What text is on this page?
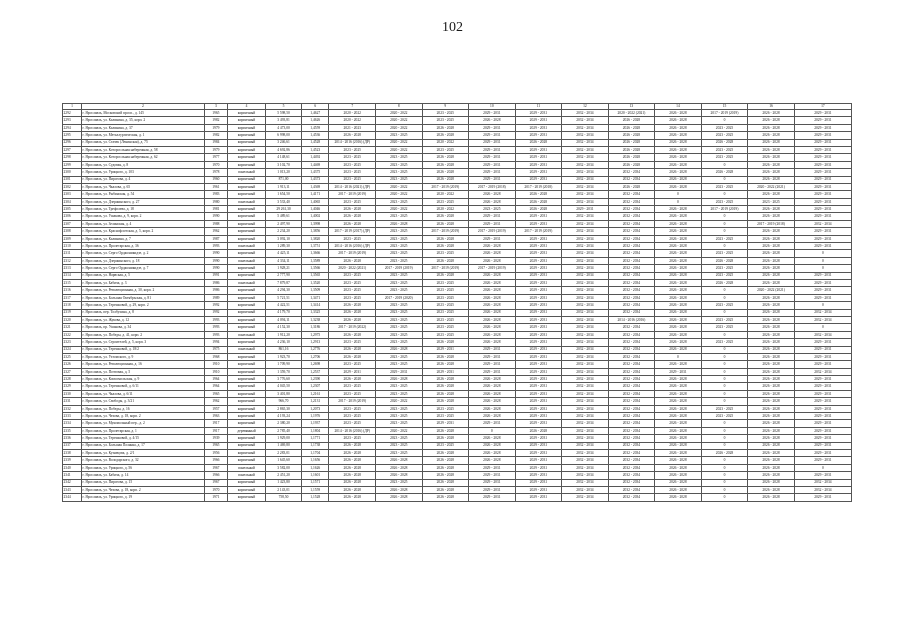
102
1	2	3	4	5	6	7	8	9	10	11	12	13	14	15	16	17
2292	г. Ярославль, Московский просп., д. 145	1965	кирпичный	5 598,50	1,4627	2020 - 2022	2020 - 2022	2023 - 2025	2029 - 2031	2029 - 2031	2032 - 2034	2020 - 2022 (2021)	2026 - 2028	2017 - 2019 (2019)	2026 - 2028	2029 - 2031
2293	г. Ярославль, ул. Калинина, д. 35, корп. 2	1982	кирпичный	3 493,81	1,4626	2020 - 2022	2020 - 2022	2023 - 2025	2026 - 2028	2029 - 2031	2032 - 2034	2026 - 2028	2026 - 2028	0	2026 - 2028	2029 - 2031
2294	г. Ярославль, ул. Калинина, д. 37	1979	кирпичный	4 473,00	1,4559	2021 - 2023	2020 - 2022	2026 - 2028	2029 - 2031	2029 - 2031	2032 - 2034	2026 - 2028	2026 - 2028	2023 - 2025	2026 - 2028	2029 - 2031
2295	г. Ярославль, ул. Металлургическая, д. 1	1982	кирпичный	6 998,00	1,4536	2026 - 2028	2023 - 2025	2026 - 2028	2029 - 2031	2029 - 2031	2032 - 2034	2026 - 2028	2026 - 2028	2023 - 2025	2026 - 2028	2029 - 2031
2296	г. Ярославль, ул. Стачек (Ленинская), д. 75	1984	кирпичный	3 246,61	1,4528	2014 - 2016 (2016) (ДР)	2020 - 2022	2020 - 2022	2029 - 2031	2026 - 2028	2032 - 2034	2026 - 2028	2026 - 2028	2026 - 2028	2026 - 2028	2029 - 2031
2297	г. Ярославль, ул. Которосльная набережная, д. 58	1979	кирпичный	4 692,86	1,4523	2023 - 2025	2020 - 2022	2023 - 2025	2029 - 2031	2029 - 2031	2032 - 2034	2026 - 2028	2026 - 2028	2023 - 2025	2026 - 2028	2029 - 2031
2298	г. Ярославль, ул. Которосльная набережная, д. 62	1977	кирпичный	4 148,61	1,4492	2023 - 2025	2023 - 2025	2026 - 2028	2029 - 2031	2029 - 2031	2032 - 2034	2026 - 2028	2026 - 2028	2023 - 2025	2026 - 2028	2029 - 2031
2299	г. Ярославль, ул. Судовая, д. 8	1970	кирпичный	3 102,70	1,4469	2023 - 2025	2023 - 2025	2026 - 2028	2029 - 2031	2029 - 2031	2032 - 2034	2026 - 2028	2026 - 2028	0	2026 - 2028	2029 - 2031
2300	г. Ярославль, ул. Урицкого, д. 103	1978	панельный	1 013,20	1,4375	2023 - 2025	2023 - 2025	2026 - 2028	2029 - 2031	2029 - 2031	2032 - 2034	2032 - 2034	2026 - 2028	2026 - 2028	2026 - 2028	2029 - 2031
2301	г. Ярославль, ул. Пирогова, д. 4	1960	кирпичный	871,00	1,4373	2023 - 2025	2023 - 2025	2026 - 2028	2029 - 2031	2029 - 2031	2032 - 2034	2032 - 2034	2026 - 2028	0	2026 - 2028	2029 - 2031
2302	г. Ярославль, ул. Чкалова, д. 65	1961	кирпичный	1 913,11	1,4369	2014 - 2016 (2021) (ДР)	2020 - 2022	2017 - 2019 (2019)	2017 - 2019 (2018)	2017 - 2019 (2018)	2032 - 2034	2026 - 2028	2026 - 2028	2023 - 2025	2020 - 2022 (2021)	2029 - 2031
2303	г. Ярославль, ул. Рыбинская, д. 54	1983	кирпичный	1 654,50	1,4171	2017 - 2019 (2019)	2020 - 2022	2020 - 2022	2026 - 2028	2026 - 2028	2032 - 2034	2032 - 2034	0	0	2026 - 2028	2029 - 2031
2304	г. Ярославль, ул. Дзержинского, д. 27	1980	панельный	3 533,40	1,4065	2023 - 2025	2023 - 2025	2023 - 2025	2026 - 2028	2026 - 2028	2032 - 2034	2032 - 2034	0	2023 - 2025	2023 - 2025	2029 - 2031
2305	г. Ярославль, ул. Трефолева, д. 18	1981	кирпичный	29 261,30	1,4046	2026 - 2028	2020 - 2022	2020 - 2022	2023 - 2025	2026 - 2028	2029 - 2031	2032 - 2034	2026 - 2028	2017 - 2019 (2019)	2026 - 2028	2029 - 2031
2306	г. Ярославль, ул. Ушакова, д. 9, корп. 2	1990	кирпичный	5 489,61	1,4002	2026 - 2028	2023 - 2025	2026 - 2028	2029 - 2031	2029 - 2031	2032 - 2034	2032 - 2034	2026 - 2028	0	2026 - 2028	2029 - 2031
2307	г. Ярославль, ул. Зелинская, д. 4	1988	кирпичный	2 497,90	1,3998	2026 - 2028	2026 - 2028	2026 - 2028	2029 - 2031	2029 - 2031	2032 - 2034	2032 - 2034	2026 - 2028	0	2017 - 2019 (2018)	2032 - 2034
2308	г. Ярославль, ул. Краснофлотская, д. 5, корп. 2	1962	кирпичный	2 234,20	1,3856	2017 - 2019 (2017) (ДР)	2023 - 2025	2017 - 2019 (2019)	2017 - 2019 (2019)	2017 - 2019 (2019)	2032 - 2034	2032 - 2034	2026 - 2028	0	2026 - 2028	2029 - 2031
2309	г. Ярославль, ул. Калинина, д. 7	1987	кирпичный	3 092,10	1,3820	2023 - 2025	2023 - 2025	2026 - 2028	2029 - 2031	2029 - 2031	2032 - 2034	2032 - 2034	2026 - 2028	2023 - 2025	2026 - 2028	2029 - 2031
2310	г. Ярославль, ул. Пролетарская, д. 36	1993	панельный	1 289,30	1,3751	2014 - 2016 (2016) (ДР)	2023 - 2025	2026 - 2028	2026 - 2028	2029 - 2031	2032 - 2034	2032 - 2034	2026 - 2028	0	2026 - 2028	2029 - 2031
2311	г. Ярославль, ул. Серго Орджоникидзе, д. 2	1990	кирпичный	4 425,11	1,3666	2017 - 2019 (2019)	2023 - 2025	2023 - 2025	2026 - 2028	2029 - 2031	2032 - 2034	2032 - 2034	2026 - 2028	2023 - 2025	2026 - 2028	0
2312	г. Ярославль, ул. Дзержинского, д. 18	1990	панельный	4 334,11	1,3589	2026 - 2028	2023 - 2025	2026 - 2028	2026 - 2028	2029 - 2031	2032 - 2034	2032 - 2034	2026 - 2028	2026 - 2028	2026 - 2028	0
2313	г. Ярославль, ул. Серго Орджоникидзе, д. 7	1990	кирпичный	1 928,21	1,3566	2020 - 2022 (2021)	2017 - 2019 (2019)	2017 - 2019 (2019)	2017 - 2019 (2019)	2029 - 2031	2032 - 2034	2032 - 2034	2026 - 2028	2023 - 2025	2026 - 2028	0
2314	г. Ярославль, ул. Нарвская, д. 5	1991	кирпичный	2 777,90	1,3565	2023 - 2025	2023 - 2025	2026 - 2028	2026 - 2028	2029 - 2031	2032 - 2034	2032 - 2034	2026 - 2028	2023 - 2025	2026 - 2028	2029 - 2031
2315	г. Ярославль, ул. Бабича, д. 3	1986	панельный	7 879,87	1,3520	2023 - 2025	2023 - 2025	2023 - 2025	2026 - 2028	2029 - 2031	2032 - 2034	2032 - 2034	2026 - 2028	2026 - 2028	2026 - 2028	2029 - 2031
2316	г. Ярославль, ул. Революционная, д. 30, корп. 2	1986	кирпичный	4 294,30	1,3509	2023 - 2025	2023 - 2025	2023 - 2025	2026 - 2028	2029 - 2031	2032 - 2034	2032 - 2034	2026 - 2028	0	2020 - 2022 (2021)	2029 - 2031
2317	г. Ярославль, ул. Большая Октябрьская, д. 81	1989	кирпичный	5 721,51	1,3471	2023 - 2025	2017 - 2019 (2020)	2023 - 2025	2026 - 2028	2029 - 2031	2032 - 2034	2032 - 2034	2026 - 2028	0	2026 - 2028	2029 - 2031
2318	г. Ярославль, ул. Терешковой, д. 29, корп. 2	1992	кирпичный	4 422,51	1,3414	2026 - 2028	2023 - 2025	2023 - 2025	2026 - 2028	2029 - 2031	2032 - 2034	2032 - 2034	2026 - 2028	2023 - 2025	2026 - 2028	0
2319	г. Ярославль, пер. Толбухина, д. 8	1992	кирпичный	4 179,70	1,3325	2026 - 2028	2023 - 2025	2023 - 2025	2026 - 2028	2029 - 2031	2032 - 2034	2032 - 2034	2026 - 2028	0	2026 - 2028	2032 - 2034
2320	г. Ярославль, ул. Жукова, д. 12	1993	кирпичный	4 094,11	1,3238	2026 - 2028	2023 - 2025	2023 - 2025	2026 - 2028	2029 - 2031	2032 - 2034	2014 - 2016 (2016)	2026 - 2028	2023 - 2025	2026 - 2028	2032 - 2034
2321	г. Ярославль, пр. Ушакова, д. 34	1993	кирпичный	4 152,30	1,3186	2017 - 2019 (2022)	2023 - 2025	2023 - 2025	2026 - 2028	2029 - 2031	2032 - 2034	2032 - 2034	2026 - 2028	2023 - 2025	2026 - 2028	0
2322	г. Ярославль, ул. Победы, д. 41, корп. 2	1993	панельный	1 912,20	1,2975	2026 - 2028	2023 - 2025	2023 - 2025	2026 - 2028	2029 - 2031	2032 - 2034	2032 - 2034	2026 - 2028	0	2026 - 2028	2032 - 2034
2323	г. Ярославль, ул. Строителей, д. 5, корп. 3	1994	кирпичный	4 236,10	1,2913	2023 - 2025	2023 - 2025	2026 - 2028	2026 - 2028	2029 - 2031	2032 - 2034	2032 - 2034	2026 - 2028	2023 - 2025	2026 - 2028	2029 - 2031
2324	г. Ярославль, ул. Терешковой, д. 18/2	1975	панельный	861,16	1,2776	2026 - 2028	2026 - 2028	2029 - 2031	2029 - 2031	2029 - 2031	2032 - 2034	2032 - 2034	2026 - 2028	0	2026 - 2028	2029 - 2031
2325	г. Ярославль, ул. Ухтомского, д. 9	1968	кирпичный	1 923,70	1,2706	2026 - 2028	2023 - 2025	2026 - 2028	2029 - 2031	2029 - 2031	2032 - 2034	2032 - 2034	0	0	2026 - 2028	2029 - 2031
2326	г. Ярославль, ул. Революционная, д. 16	1910	кирпичный	1 709,90	1,2698	2023 - 2025	2023 - 2025	2026 - 2028	2029 - 2031	2029 - 2031	2032 - 2034	2032 - 2034	2026 - 2028	0	2026 - 2028	2029 - 2031
2327	г. Ярославль, ул. Почтовая, д. 5	1910	кирпичный	1 359,70	1,2537	2029 - 2031	2029 - 2031	2029 - 2031	2029 - 2031	2029 - 2031	2032 - 2034	2032 - 2034	2029 - 2031	0	2026 - 2028	2032 - 2034
2328	г. Ярославль, ул. Комсомольская, д. 9	1964	кирпичный	3 776,60	1,2390	2026 - 2028	2026 - 2028	2026 - 2028	2026 - 2028	2029 - 2031	2032 - 2034	2032 - 2034	2026 - 2028	0	2026 - 2028	2029 - 2031
2329	г. Ярославль, ул. Терешковой, д. 6/11	1964	кирпичный	4 045,50	1,2307	2023 - 2025	2023 - 2025	2026 - 2028	2026 - 2028	2029 - 2031	2032 - 2034	2032 - 2034	2026 - 2028	0	2026 - 2028	2029 - 2031
2330	г. Ярославль, ул. Чкалова, д. 6/11	1965	кирпичный	3 401,80	1,2161	2023 - 2025	2023 - 2025	2026 - 2028	2026 - 2028	2029 - 2031	2032 - 2034	2032 - 2034	2026 - 2028	0	2026 - 2028	2029 - 2031
2331	г. Ярославль, ул. Свободы, д. 3/21	1962	кирпичный	966,70	1,2131	2017 - 2019 (2019)	2020 - 2022	2026 - 2028	2026 - 2028	2029 - 2031	2032 - 2034	2032 - 2034	2026 - 2028	0	2026 - 2028	2029 - 2031
2332	г. Ярославль, ул. Победы, д. 16	1957	кирпичный	2 865,30	1,2073	2023 - 2025	2023 - 2025	2023 - 2025	2026 - 2028	2029 - 2031	2032 - 2034	2032 - 2034	2026 - 2028	2023 - 2025	2026 - 2028	2029 - 2031
2333	г. Ярославль, ул. Чехова, д. 18, корп. 2	1963	кирпичный	4 193,24	1,1976	2023 - 2025	2023 - 2025	2023 - 2025	2026 - 2028	2029 - 2031	2032 - 2034	2032 - 2034	2026 - 2028	2023 - 2025	2026 - 2028	2029 - 2031
2334	г. Ярославль, ул. Мукомольный пер., д. 2	1917	кирпичный	2 380,20	1,1937	2023 - 2025	2023 - 2025	2029 - 2031	2029 - 2031	2029 - 2031	2032 - 2034	2032 - 2034	2026 - 2028	0	2026 - 2028	2029 - 2031
2335	г. Ярославль, ул. Пролетарская, д. 1	1917	деревянный	2 785,40	1,1804	2014 - 2016 (2016) (ДР)	2020 - 2022	2026 - 2028	0	2026 - 2028	2032 - 2034	2032 - 2034	2026 - 2028	0	2026 - 2028	2029 - 2031
2336	г. Ярославль, ул. Терешковой, д. 4/15	1939	кирпичный	1 929,00	1,1771	2023 - 2025	2023 - 2025	2026 - 2028	2026 - 2028	2029 - 2031	2032 - 2034	2032 - 2034	2026 - 2028	0	2026 - 2028	2029 - 2031
2337	г. Ярославль, ул. Большая Полянка, д. 17	1965	кирпичный	1 469,80	1,1738	2026 - 2028	2023 - 2025	2023 - 2025	2026 - 2028	2029 - 2031	2032 - 2034	2032 - 2034	2026 - 2028	0	2026 - 2028	2029 - 2031
2338	г. Ярославль, ул. Кузнецова, д. 2/1	1956	кирпичный	2 283,01	1,1704	2026 - 2028	2023 - 2025	2026 - 2028	2026 - 2028	2029 - 2031	2032 - 2034	2032 - 2034	2026 - 2028	2026 - 2028	2026 - 2028	2029 - 2031
2339	г. Ярославль, ул. Володарского, д. 32	1966	кирпичный	1 645,60	1,1656	2026 - 2028	2026 - 2028	2026 - 2028	2026 - 2028	2029 - 2031	2032 - 2034	2032 - 2034	2026 - 2028	0	2026 - 2028	2029 - 2031
2340	г. Ярославль, ул. Урицкого, д. 56	1967	панельный	3 582,00	1,1626	2026 - 2028	2026 - 2028	2026 - 2028	2029 - 2031	2029 - 2031	2032 - 2034	2032 - 2034	2026 - 2028	0	2026 - 2028	0
2341	г. Ярославль, ул. Бабича, д. 14	1966	панельный	2 451,20	1,1601	2026 - 2028	2026 - 2028	2026 - 2028	2029 - 2031	2029 - 2031	2032 - 2034	2032 - 2034	2026 - 2028	0	2026 - 2028	2029 - 2031
2342	г. Ярославль, ул. Пирогова, д. 15	1967	кирпичный	1 423,80	1,1571	2026 - 2028	2023 - 2025	2026 - 2028	2029 - 2031	2029 - 2031	2032 - 2034	2032 - 2034	2026 - 2028	0	2026 - 2028	2032 - 2034
2343	г. Ярославль, ул. Чехова, д. 18, корп. 2	1970	кирпичный	2 143,01	1,1559	2026 - 2028	2026 - 2028	2026 - 2028	2029 - 2031	2029 - 2031	2032 - 2034	2032 - 2034	2026 - 2028	0	2026 - 2028	2032 - 2034
2344	г. Ярославль, ул. Урицкого, д. 19	1971	кирпичный	758,50	1,1528	2026 - 2028	2026 - 2028	2026 - 2028	2029 - 2031	2029 - 2031	2032 - 2034	2032 - 2034	2026 - 2028	0	2026 - 2028	2029 - 2031
